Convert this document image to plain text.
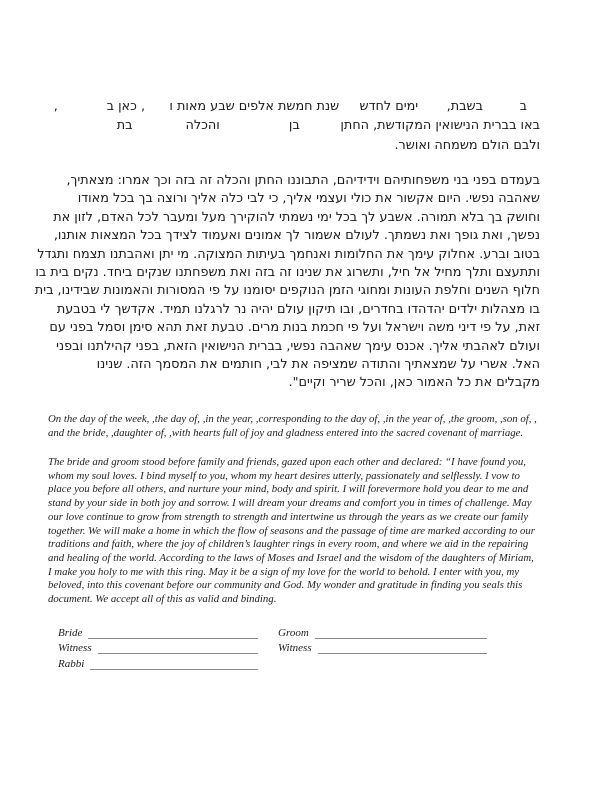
ב         בשבת,       ימים לחדש     שנת חמשת אלפים שבע מאות ו      , כאן ב            ,
באו בברית הנישואין המקודשת, החתן          בן                 והכלה             בת
ולבם הולם משמחה ואושר.
בעמדם בפני בני משפחותיהם וידידיהם, התבוננו החתן והכלה זה בזה וכך אמרו: מצאתיך,
שאהבה נפשי. היום אקשור את כולי ועצמי אליך, כי לבי כלה אליך ורוצה בך בכל מאודו
וחושק בך בלא תמורה. אשבע לך בכל ימי נשמתי להוקירך מעל ומעבר לכל האדם, לזון את
נפשך, ואת גופך ואת נשמתך. לעולם אשמור לך אמונים ואעמוד לצידך בכל המצאות אותנו,
בטוב וברע. אחלוק עימך את החלומות ואנחמך בעיתות המצוקה. מי יתן ואהבתנו תצמח ותגדל
ותתעצם ותלך מחיל אל חיל, ותשרוג את שנינו זה בזה ואת משפחתנו שנקים ביחד. נקים בית בו
חלוף השנים וחלפת העונות ומחוגי הזמן הנוקפים יסומנו על פי המסורות והאמונות שבידינו, בית
בו מצהלות ילדים יהדהדו בחדרים, ובו תיקון עולם יהיה נר לרגלנו תמיד. אקדשך לי בטבעת
זאת, על פי דיני משה וישראל ועל פי חכמת בנות מרים. טבעת זאת תהא סימן וסמל בפני עם
ועולם לאהבתי אליך. אכנס עימך שאהבה נפשי, בברית הנישואין הזאת, בפני קהילתנו ובפני
האל. אשרי על שמצאתיך והתודה שמציפה את לבי, חותמים את המסמך הזה. שנינו
מקבלים את כל האמור כאן, והכל שריר וקיים".
On the day of the week, ,the day of, ,in the year, ,corresponding to the day of, ,in the year of, ,the groom, ,son of, ,
and the bride, ,daughter of, ,with hearts full of joy and gladness entered into the sacred covenant of marriage.
The bride and groom stood before family and friends, gazed upon each other and declared: “I have found you,
whom my soul loves. I bind myself to you, whom my heart desires utterly, passionately and selflessly. I vow to
place you before all others, and nurture your mind, body and spirit. I will forevermore hold you dear to me and
stand by your side in both joy and sorrow. I will dream your dreams and comfort you in times of challenge. May
our love continue to grow from strength to strength and intertwine us through the years as we create our family
together. We will make a home in which the flow of seasons and the passage of time are marked according to our
traditions and faith, where the joy of children’s laughter rings in every room, and where we aid in the repairing
and healing of the world. According to the laws of Moses and Israel and the wisdom of the daughters of Miriam,
I make you holy to me with this ring. May it be a sign of my love for the world to behold. I enter with you, my
beloved, into this covenant before our community and God. My wonder and gratitude in finding you seals this
document. We accept all of this as valid and binding.
Bride
Witness
Rabbi
Groom
Witness
